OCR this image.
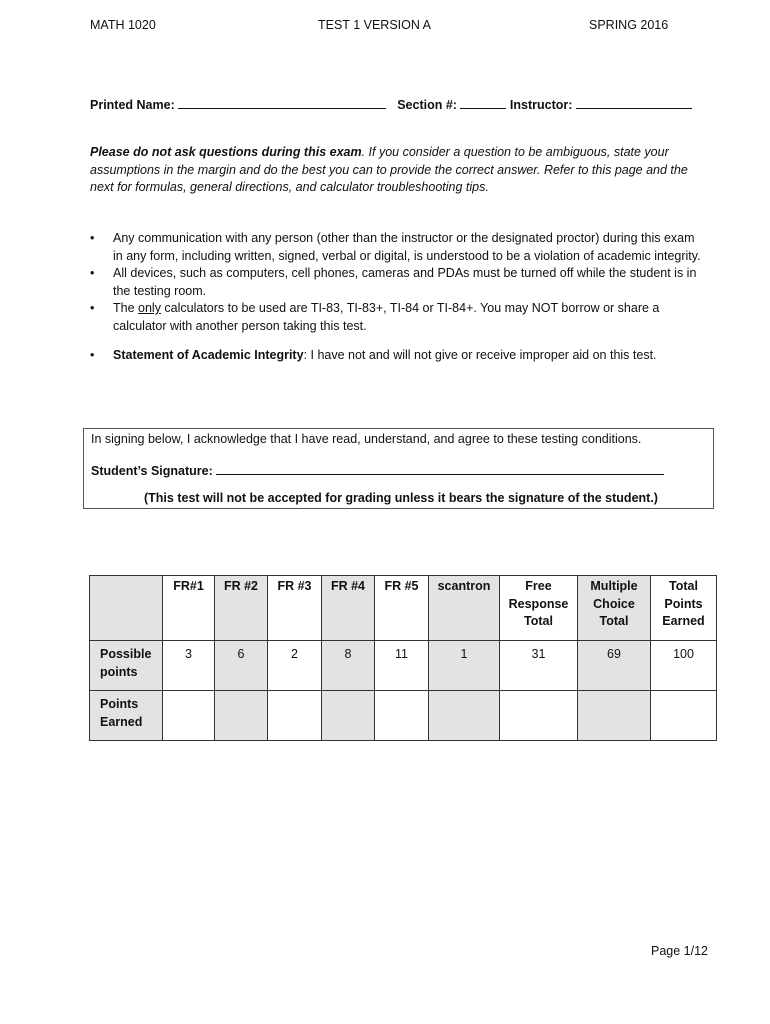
MATH 1020	TEST 1 VERSION A	SPRING 2016
Printed Name:	Section #:	Instructor:
Please do not ask questions during this exam. If you consider a question to be ambiguous, state your assumptions in the margin and do the best you can to provide the correct answer. Refer to this page and the next for formulas, general directions, and calculator troubleshooting tips.
• Any communication with any person (other than the instructor or the designated proctor) during this exam in any form, including written, signed, verbal or digital, is understood to be a violation of academic integrity.
• All devices, such as computers, cell phones, cameras and PDAs must be turned off while the student is in the testing room.
• The only calculators to be used are TI-83, TI-83+, TI-84 or TI-84+. You may NOT borrow or share a calculator with another person taking this test.
• Statement of Academic Integrity: I have not and will not give or receive improper aid on this test.
In signing below, I acknowledge that I have read, understand, and agree to these testing conditions.
Student’s Signature:
(This test will not be accepted for grading unless it bears the signature of the student.)
	FR#1	FR #2	FR #3	FR #4	FR #5	scantron	Free Response Total	Multiple Choice Total	Total Points Earned
Possible points	3	6	2	8	11	1	31	69	100
Points Earned									
Page 1/12
